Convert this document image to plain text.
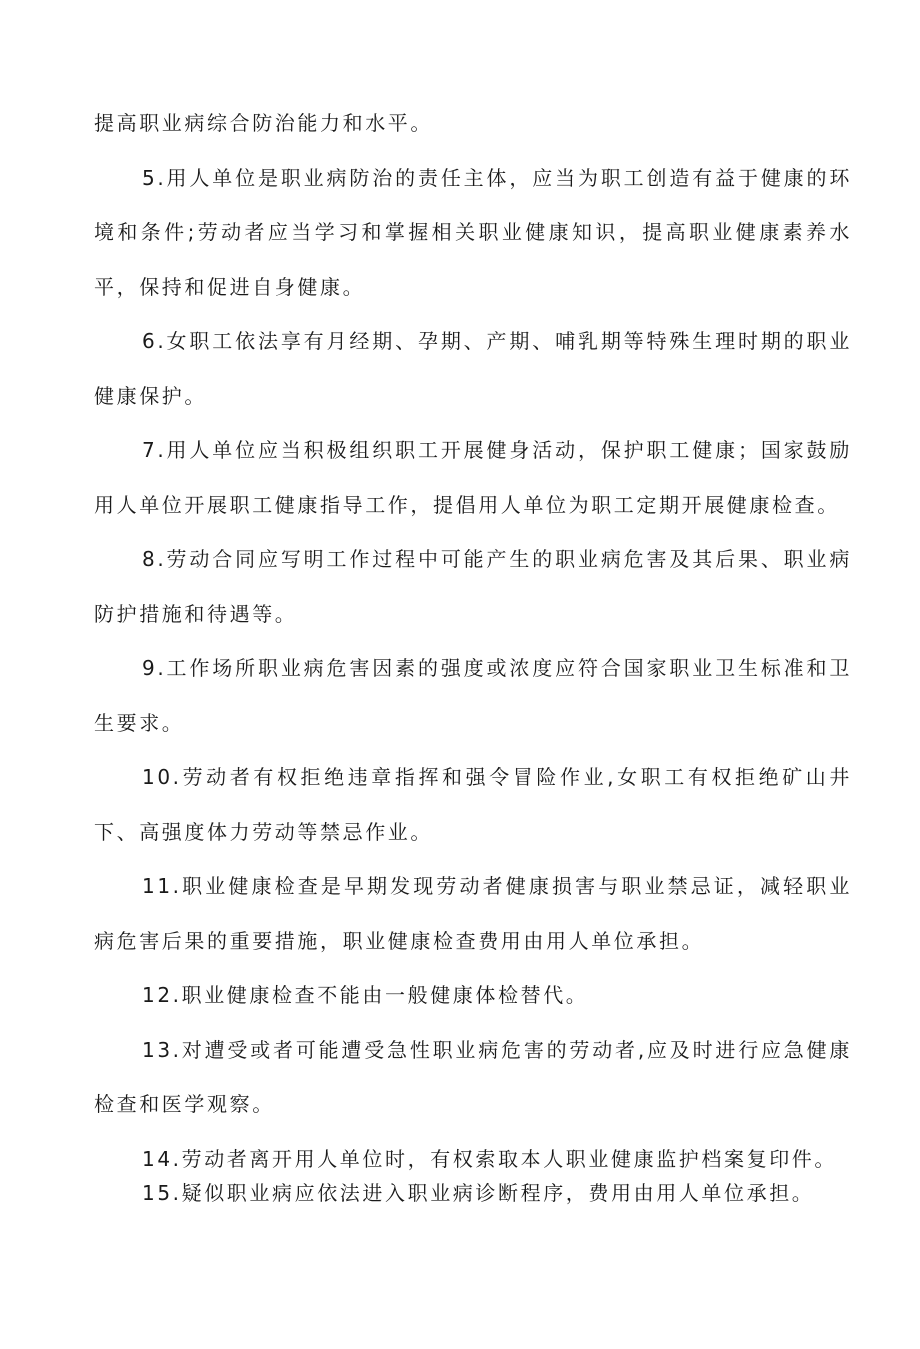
提高职业病综合防治能力和水平。

5.用人单位是职业病防治的责任主体，应当为职工创造有益于健康的环境和条件;劳动者应当学习和掌握相关职业健康知识，提高职业健康素养水平，保持和促进自身健康。

6.女职工依法享有月经期、孕期、产期、哺乳期等特殊生理时期的职业健康保护。

7.用人单位应当积极组织职工开展健身活动，保护职工健康；国家鼓励用人单位开展职工健康指导工作，提倡用人单位为职工定期开展健康检查。

8.劳动合同应写明工作过程中可能产生的职业病危害及其后果、职业病防护措施和待遇等。

9.工作场所职业病危害因素的强度或浓度应符合国家职业卫生标准和卫生要求。

10.劳动者有权拒绝违章指挥和强令冒险作业,女职工有权拒绝矿山井下、高强度体力劳动等禁忌作业。

11.职业健康检查是早期发现劳动者健康损害与职业禁忌证，减轻职业病危害后果的重要措施，职业健康检查费用由用人单位承担。

12.职业健康检查不能由一般健康体检替代。

13.对遭受或者可能遭受急性职业病危害的劳动者,应及时进行应急健康检查和医学观察。

14.劳动者离开用人单位时，有权索取本人职业健康监护档案复印件。

15.疑似职业病应依法进入职业病诊断程序，费用由用人单位承担。
